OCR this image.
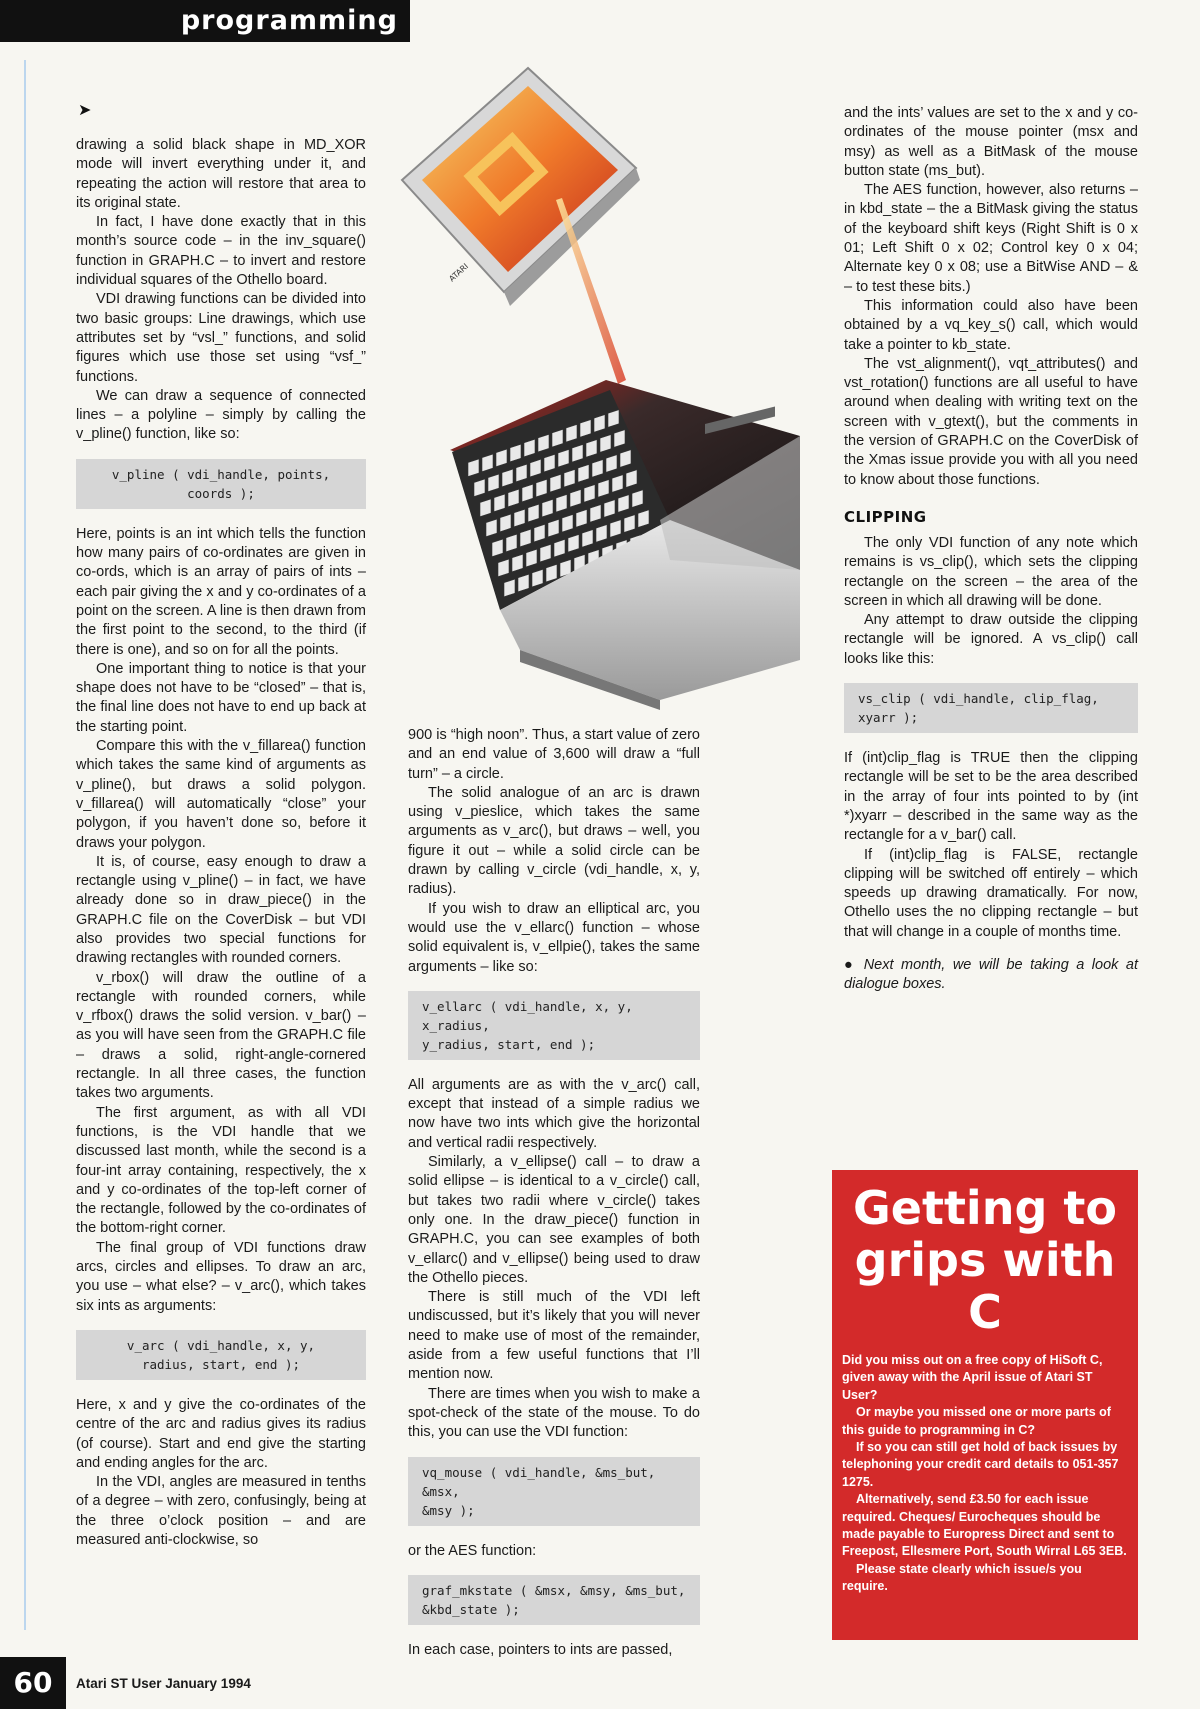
programming
➤

drawing a solid black shape in MD_XOR mode will invert everything under it, and repeating the action will restore that area to its original state.

In fact, I have done exactly that in this month’s source code – in the inv_square() function in GRAPH.C – to invert and restore individual squares of the Othello board.

VDI drawing functions can be divided into two basic groups: Line drawings, which use attributes set by “vsl_” functions, and solid figures which use those set using “vsf_” functions.

We can draw a sequence of connected lines – a polyline – simply by calling the v_pline() function, like so:

v_pline ( vdi_handle, points,
coords );

Here, points is an int which tells the function how many pairs of co-ordinates are given in co-ords, which is an array of pairs of ints – each pair giving the x and y co-ordinates of a point on the screen. A line is then drawn from the first point to the second, to the third (if there is one), and so on for all the points.

One important thing to notice is that your shape does not have to be “closed” – that is, the final line does not have to end up back at the starting point.

Compare this with the v_fillarea() function which takes the same kind of arguments as v_pline(), but draws a solid polygon. v_fillarea() will automatically “close” your polygon, if you haven’t done so, before it draws your polygon.

It is, of course, easy enough to draw a rectangle using v_pline() – in fact, we have already done so in draw_piece() in the GRAPH.C file on the CoverDisk – but VDI also provides two special functions for drawing rectangles with rounded corners.

v_rbox() will draw the outline of a rectangle with rounded corners, while v_rfbox() draws the solid version. v_bar() – as you will have seen from the GRAPH.C file – draws a solid, right-angle-cornered rectangle. In all three cases, the function takes two arguments.

The first argument, as with all VDI functions, is the VDI handle that we discussed last month, while the second is a four-int array containing, respectively, the x and y co-ordinates of the top-left corner of the rectangle, followed by the co-ordinates of the bottom-right corner.

The final group of VDI functions draw arcs, circles and ellipses. To draw an arc, you use – what else? – v_arc(), which takes six ints as arguments:

v_arc ( vdi_handle, x, y,
radius, start, end );

Here, x and y give the co-ordinates of the centre of the arc and radius gives its radius (of course). Start and end give the starting and ending angles for the arc.

In the VDI, angles are measured in tenths of a degree – with zero, confusingly, being at the three o’clock position – and are measured anti-clockwise, so

ATARI

900 is “high noon”. Thus, a start value of zero and an end value of 3,600 will draw a “full turn” – a circle.

The solid analogue of an arc is drawn using v_pieslice, which takes the same arguments as v_arc(), but draws – well, you figure it out – while a solid circle can be drawn by calling v_circle (vdi_handle, x, y, radius).

If you wish to draw an elliptical arc, you would use the v_ellarc() function – whose solid equivalent is, v_ellpie(), takes the same arguments – like so:

v_ellarc ( vdi_handle, x, y, x_radius,
y_radius, start, end );

All arguments are as with the v_arc() call, except that instead of a simple radius we now have two ints which give the horizontal and vertical radii respectively.

Similarly, a v_ellipse() call – to draw a solid ellipse – is identical to a v_circle() call, but takes two radii where v_circle() takes only one. In the draw_piece() function in GRAPH.C, you can see examples of both v_ellarc() and v_ellipse() being used to draw the Othello pieces.

There is still much of the VDI left undiscussed, but it’s likely that you will never need to make use of most of the remainder, aside from a few useful functions that I’ll mention now.

There are times when you wish to make a spot-check of the state of the mouse. To do this, you can use the VDI function:

vq_mouse ( vdi_handle, &ms_but, &msx,
&msy );

or the AES function:

graf_mkstate ( &msx, &msy, &ms_but,
&kbd_state );

In each case, pointers to ints are passed,

and the ints’ values are set to the x and y co-ordinates of the mouse pointer (msx and msy) as well as a BitMask of the mouse button state (ms_but).

The AES function, however, also returns – in kbd_state – the a BitMask giving the status of the keyboard shift keys (Right Shift is 0 x 01; Left Shift 0 x 02; Control key 0 x 04; Alternate key 0 x 08; use a BitWise AND – & – to test these bits.)

This information could also have been obtained by a vq_key_s() call, which would take a pointer to kb_state.

The vst_alignment(), vqt_attributes() and vst_rotation() functions are all useful to have around when dealing with writing text on the screen with v_gtext(), but the comments in the version of GRAPH.C on the CoverDisk of the Xmas issue provide you with all you need to know about those functions.

CLIPPING

The only VDI function of any note which remains is vs_clip(), which sets the clipping rectangle on the screen – the area of the screen in which all drawing will be done.

Any attempt to draw outside the clipping rectangle will be ignored. A vs_clip() call looks like this:

vs_clip ( vdi_handle, clip_flag,
xyarr );

If (int)clip_flag is TRUE then the clipping rectangle will be set to be the area described in the array of four ints pointed to by (int *)xyarr – described in the same way as the rectangle for a v_bar() call.

If (int)clip_flag is FALSE, rectangle clipping will be switched off entirely – which speeds up drawing dramatically. For now, Othello uses the no clipping rectangle – but that will change in a couple of months time.

● Next month, we will be taking a look at dialogue boxes.

Getting to grips with C

Did you miss out on a free copy of HiSoft C, given away with the April issue of Atari ST User?

Or maybe you missed one or more parts of this guide to programming in C?

If so you can still get hold of back issues by telephoning your credit card details to 051-357 1275.

Alternatively, send £3.50 for each issue required. Cheques/ Eurocheques should be made payable to Europress Direct and sent to Freepost, Ellesmere Port, South Wirral L65 3EB.

Please state clearly which issue/s you require.

60	Atari ST User January 1994
